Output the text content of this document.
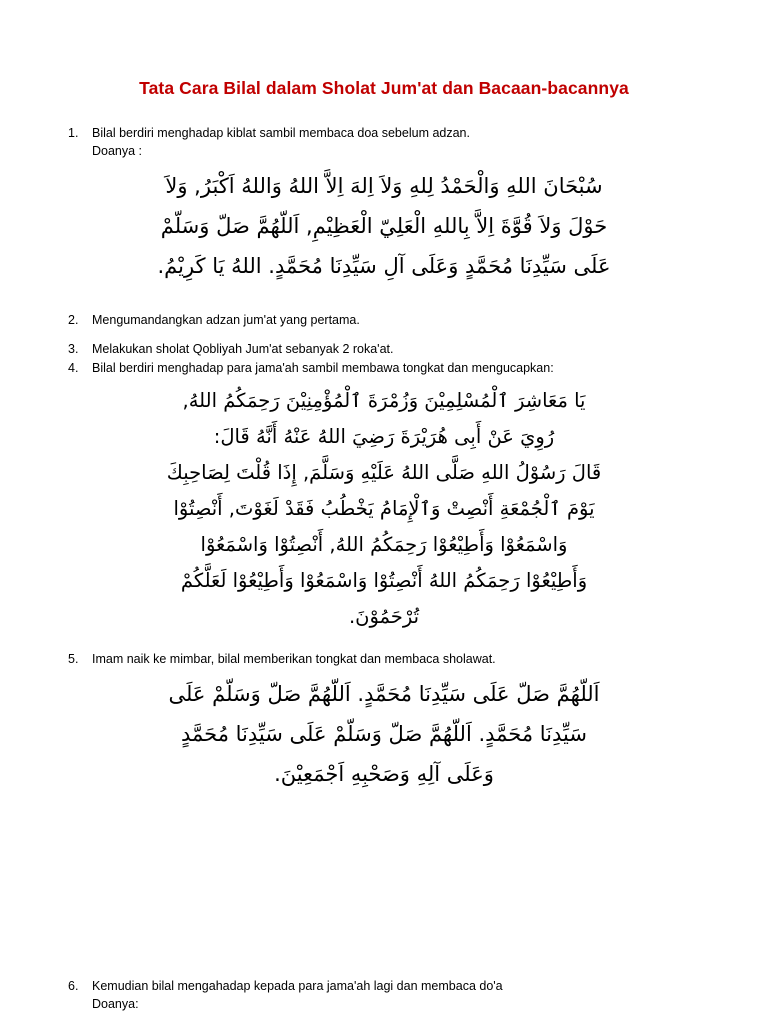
Tata Cara Bilal dalam Sholat Jum'at dan Bacaan-bacannya
1.	Bilal berdiri menghadap kiblat sambil membaca doa sebelum adzan.
Doanya :
سُبْحَانَ اللهِ وَالْحَمْدُ لِلهِ وَلاَ اِلهَ اِلاَّ اللهُ وَاللهُ اَكْبَرُ, وَلاَ
حَوْلَ وَلاَ قُوَّةَ اِلاَّ بِاللهِ الْعَلِيّ الْعَظِيْمِ, اَللّهُمَّ صَلّ وَسَلّمْ
عَلَى سَيِّدِنَا مُحَمَّدٍ وَعَلَى آلِ سَيِّدِنَا مُحَمَّدٍ. اللهُ يَا كَرِيْمُ.
2.	Mengumandangkan adzan jum'at yang pertama.
3.	Melakukan sholat Qobliyah Jum'at sebanyak 2 roka'at.
4.	Bilal berdiri menghadap para jama'ah sambil membawa tongkat dan mengucapkan:
يَا مَعَاشِرَ ٱلْمُسْلِمِيْنَ وَزُمْرَةَ ٱلْمُؤْمِنِيْنَ رَحِمَكُمُ اللهُ,
رُوِيَ عَنْ أَبِى هُرَيْرَةَ رَضِيَ اللهُ عَنْهُ أَنَّهُ قَالَ:
قَالَ رَسُوْلُ اللهِ صَلَّى اللهُ عَلَيْهِ وَسَلَّمَ, إِذَا قُلْتَ لِصَاحِبِكَ
يَوْمَ ٱلْجُمْعَةِ أَنْصِتْ وَٱلْإِمَامُ يَخْطُبُ فَقَدْ لَغَوْتَ, أَنْصِتُوْا
وَاسْمَعُوْا وَأَطِيْعُوْا رَحِمَكُمُ اللهُ, أَنْصِتُوْا وَاسْمَعُوْا
وَأَطِيْعُوْا رَحِمَكُمُ اللهُ أَنْصِتُوْا وَاسْمَعُوْا وَأَطِيْعُوْا لَعَلَّكُمْ
تُرْحَمُوْنَ.
5.	Imam naik ke mimbar, bilal memberikan tongkat dan membaca sholawat.
اَللّهُمَّ صَلّ عَلَى سَيِّدِنَا مُحَمَّدٍ. اَللّهُمَّ صَلّ وَسَلّمْ عَلَى
سَيِّدِنَا مُحَمَّدٍ. اَللّهُمَّ صَلّ وَسَلّمْ عَلَى سَيِّدِنَا مُحَمَّدٍ
وَعَلَى آلِهِ وَصَحْبِهِ اَجْمَعِيْنَ.
6.	Kemudian bilal mengahadap kepada para jama'ah lagi dan membaca do'a
Doanya:
